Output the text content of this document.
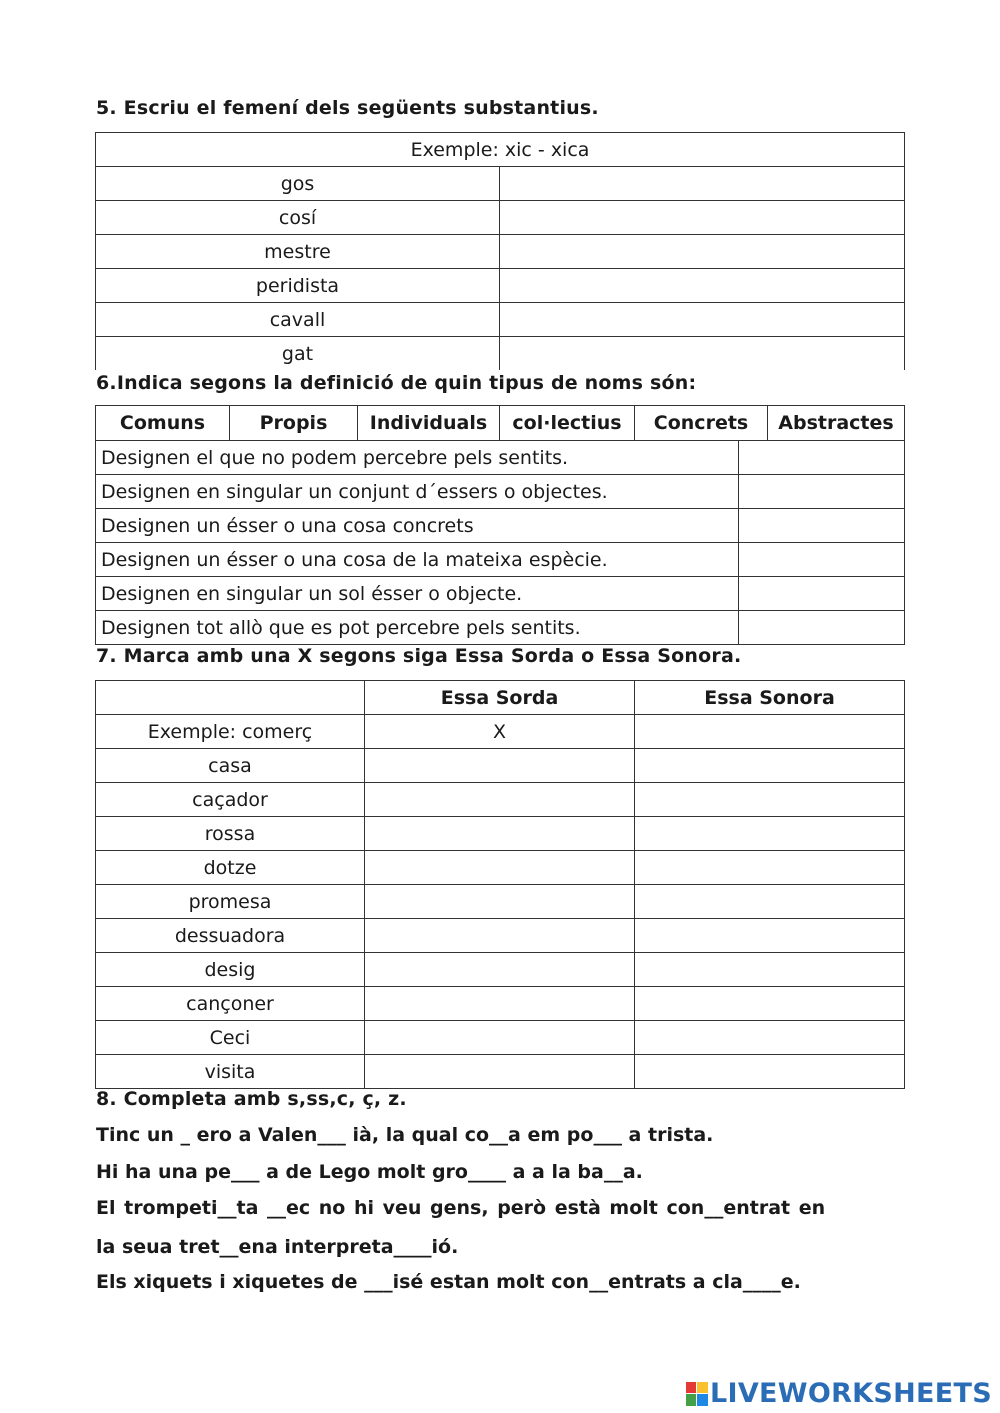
5. Escriu el femení dels següents substantius.
Exemple: xic - xica	
gos	
cosí	
mestre	
peridista	
cavall	
gat	
6.Indica segons la definició de quin tipus de noms són:
Comuns	Propis	Individuals	col·lectius	Concrets	Abstractes
Designen el que no podem percebre pels sentits.	
Designen en singular un conjunt d´essers o objectes.	
Designen un ésser o una cosa concrets	
Designen un ésser o una cosa de la mateixa espècie.	
Designen en singular un sol ésser o objecte.	
Designen tot allò que es pot percebre pels sentits.	
7. Marca amb una X segons siga Essa Sorda o Essa Sonora.
	Essa Sorda	Essa Sonora
Exemple: comerç	X	
casa		
caçador		
rossa		
dotze		
promesa		
dessuadora		
desig		
cançoner		
Ceci		
visita		
8. Completa amb s,ss,c, ç, z.
Tinc un _ ero a Valen___ ià, la qual co__a em po___ a trista.
Hi ha una pe___ a de Lego molt gro____ a a la ba__a.
El trompeti__ta __ec no hi veu gens, però està molt con__entrat en
la seua tret__ena interpreta____ió.
Els xiquets i xiquetes de ___isé estan molt con__entrats a cla____e.
LIVEWORKSHEETS
